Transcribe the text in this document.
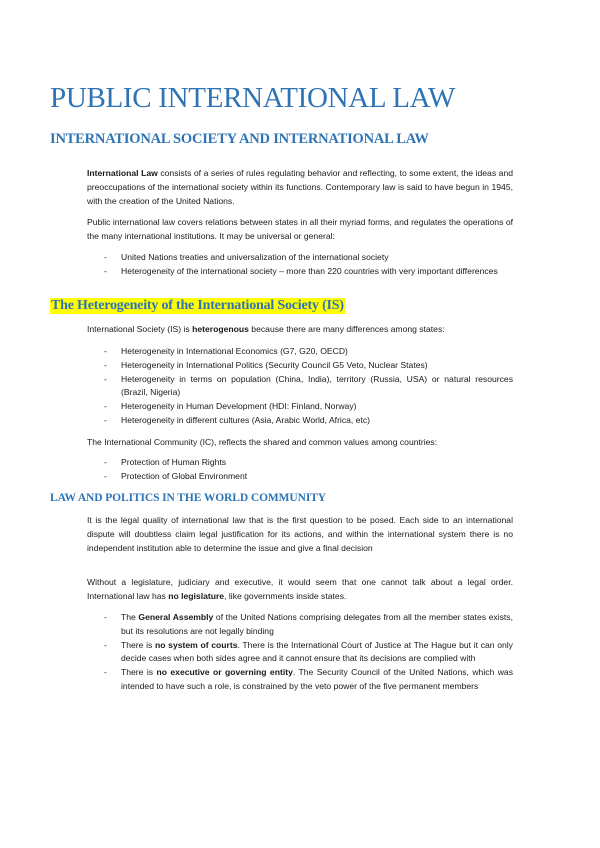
PUBLIC INTERNATIONAL LAW
INTERNATIONAL SOCIETY AND INTERNATIONAL LAW

International Law consists of a series of rules regulating behavior and reflecting, to some extent, the ideas and preoccupations of the international society within its functions. Contemporary law is said to have begun in 1945, with the creation of the United Nations.

Public international law covers relations between states in all their myriad forms, and regulates the operations of the many international institutions. It may be universal or general:

- United Nations treaties and universalization of the international society
- Heterogeneity of the international society – more than 220 countries with very important differences
The Heterogeneity of the International Society (IS)

International Society (IS) is heterogenous because there are many differences among states:

- Heterogeneity in International Economics (G7, G20, OECD)
- Heterogeneity in International Politics (Security Council G5 Veto, Nuclear States)
- Heterogeneity in terms on population (China, India), territory (Russia, USA) or natural resources (Brazil, Nigeria)
- Heterogeneity in Human Development (HDI: Finland, Norway)
- Heterogeneity in different cultures (Asia, Arabic World, Africa, etc)

The International Community (IC), reflects the shared and common values among countries:

- Protection of Human Rights
- Protection of Global Environment
LAW AND POLITICS IN THE WORLD COMMUNITY

It is the legal quality of international law that is the first question to be posed. Each side to an international dispute will doubtless claim legal justification for its actions, and within the international system there is no independent institution able to determine the issue and give a final decision

Without a legislature, judiciary and executive, it would seem that one cannot talk about a legal order. International law has no legislature, like governments inside states.

- The General Assembly of the United Nations comprising delegates from all the member states exists, but its resolutions are not legally binding
- There is no system of courts. There is the International Court of Justice at The Hague but it can only decide cases when both sides agree and it cannot ensure that its decisions are complied with
- There is no executive or governing entity. The Security Council of the United Nations, which was intended to have such a role, is constrained by the veto power of the five permanent members
